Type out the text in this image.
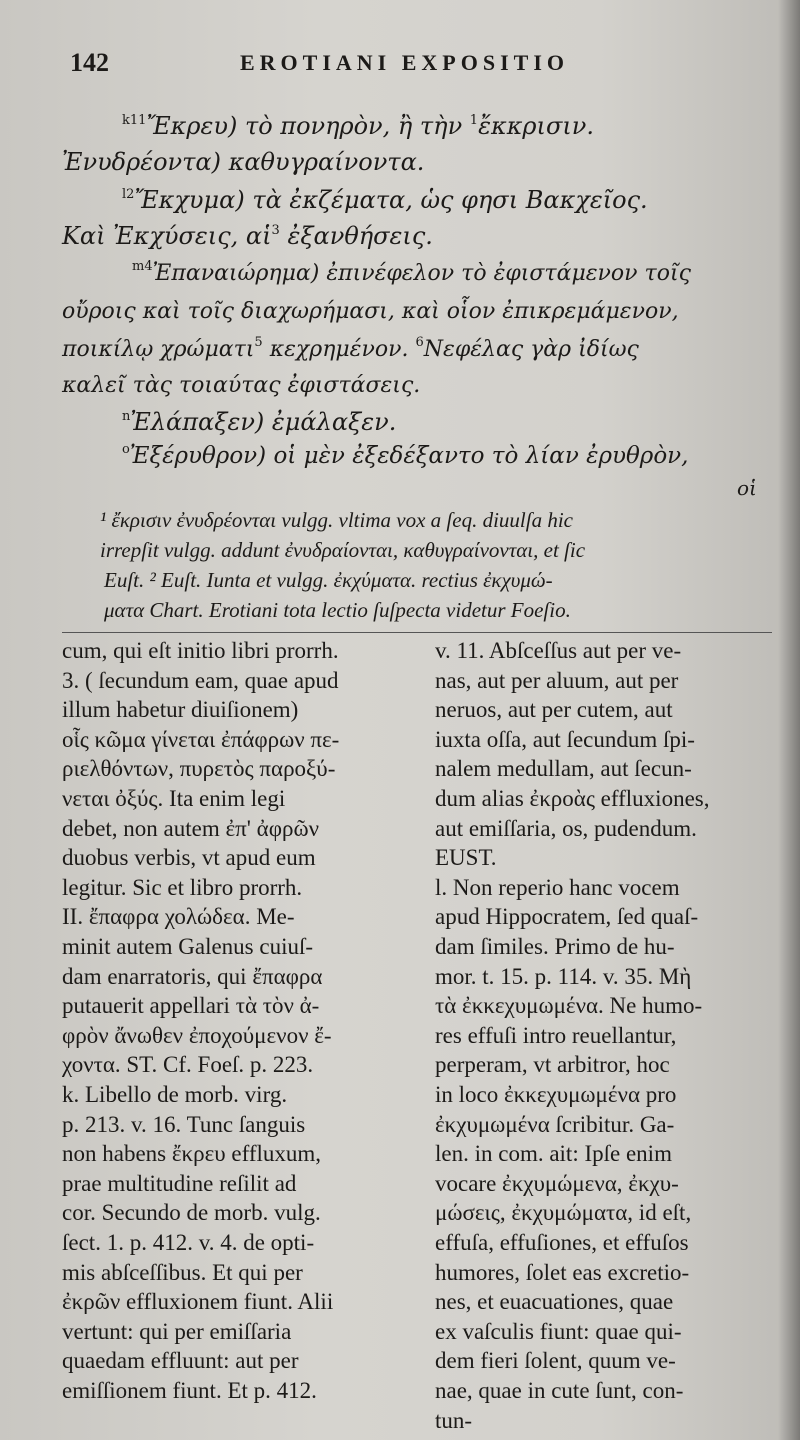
142	EROTIANI EXPOSITIO
$^{k11}$Ἔκρευ) τὸ πονηρὸν, ἢ τὴν $^1$ἔκκρισιν.
Ἐνυδρέοντα) καθυγραίνοντα.
$^{l2}$Ἔκχυμα) τὰ ἐκζέματα, ὡς φησι Βακχεῖος.
Καὶ Ἐκχύσεις, αἱ$^3$ ἐξανθήσεις.
$^{m4}$Ἐπαναιώρημα) ἐπινέφελον τὸ ἐφιστάμενον τοῖς
οὔροις καὶ τοῖς διαχωρήμασι, καὶ οἷον ἐπικρεμάμενον,
ποικίλῳ χρώματι$^5$ κεχρημένον. $^6$Νεφέλας γὰρ ἰδίως
καλεῖ τὰς τοιαύτας ἐφιστάσεις.
$^n$Ἐλάπαξεν) ἐμάλαξεν.
$^o$Ἐξέρυθρον) οἱ μὲν ἐξεδέξαντο τὸ λίαν ἐρυθρὸν,
οἱ
¹ ἔκρισιν ἐνυδρέονται vulgg. vltima vox a ſeq. diuulſa hic
irrepſit vulgg. addunt ἐνυδραίονται, καθυγραίνονται, et ſic
Euſt. ² Euſt. Iunta et vulgg. ἐκχύματα. rectius ἐκχυμώ-
ματα Chart. Erotiani tota lectio ſuſpecta videtur Foeſio.
cum, qui eſt initio libri prorrh.
3. ( ſecundum eam, quae apud
illum habetur diuiſionem)
οἷς κῶμα γίνεται ἐπάφρων πε-
ριελθόντων, πυρετὸς παροξύ-
νεται ὀξύς. Ita enim legi
debet, non autem ἐπ' ἀφρῶν
duobus verbis, vt apud eum
legitur. Sic et libro prorrh.
II. ἔπαφρα χολώδεα. Me-
minit autem Galenus cuiuſ-
dam enarratoris, qui ἔπαφρα
putauerit appellari τὰ τὸν ἀ-
φρὸν ἄνωθεν ἐποχούμενον ἔ-
χοντα. ST. Cf. Foeſ. p. 223.
k. Libello de morb. virg.
p. 213. v. 16. Tunc ſanguis
non habens ἔκρευ effluxum,
prae multitudine reſilit ad
cor. Secundo de morb. vulg.
ſect. 1. p. 412. v. 4. de opti-
mis abſceſſibus. Et qui per
ἐκρῶν effluxionem fiunt. Alii
vertunt: qui per emiſſaria
quaedam effluunt: aut per
emiſſionem fiunt. Et p. 412.
v. 11. Abſceſſus aut per ve-
nas, aut per aluum, aut per
neruos, aut per cutem, aut
iuxta oſſa, aut ſecundum ſpi-
nalem medullam, aut ſecun-
dum alias ἐκροὰς effluxiones,
aut emiſſaria, os, pudendum.
EUST.
l. Non reperio hanc vocem
apud Hippocratem, ſed quaſ-
dam ſimiles. Primo de hu-
mor. t. 15. p. 114. v. 35. Μὴ
τὰ ἐκκεχυμωμένα. Ne humo-
res effuſi intro reuellantur,
perperam, vt arbitror, hoc
in loco ἐκκεχυμωμένα pro
ἐκχυμωμένα ſcribitur. Ga-
len. in com. ait: Ipſe enim
vocare ἐκχυμώμενα, ἐκχυ-
μώσεις, ἐκχυμώματα, id eſt,
effuſa, effuſiones, et effuſos
humores, ſolet eas excretio-
nes, et euacuationes, quae
ex vaſculis fiunt: quae qui-
dem fieri ſolent, quum ve-
nae, quae in cute ſunt, con-
tun-
